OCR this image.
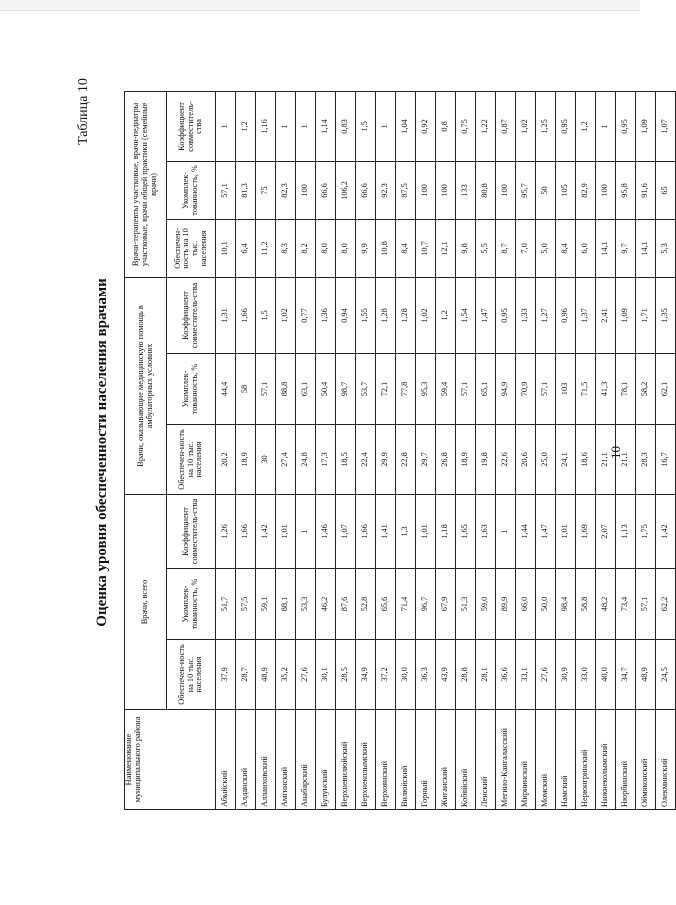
10
Таблица 10
Оценка уровня обеспеченности населения врачами
Наименование муниципального района	Врачи, всего			Врачи, оказывающие медицинскую помощь в амбулаторных условиях			Врачи-терапевты участковые, врачи-педиатры участковые, врачи общей практики (семейные врачи)		
	Обеспечен-ность на 10 тыс. населения	Укомплек-тованность, %	Коэффициент совместитель-ства	Обеспечен-ность на 10 тыс. населения	Укомплек-тованность, %	Коэффициент совместитель-ства	Обеспечен-ность на 10 тыс. населения	Укомплек-тованность, %	Коэффициент совместитель-ства
Абыйский	37,9	51,7	1,26	20,2	44,4	1,31	10,1	57,1	1
Алданский	28,7	57,5	1,66	18,9	58	1,66	6,4	81,3	1,2
Аллаиховский	48,9	59,1	1,42	30	57,1	1,5	11,2	75	1,16
Амгинский	35,2	88,1	1,01	27,4	88,8	1,02	8,3	82,3	1
Анабарский	27,6	53,3	1	24,8	63,1	0,77	8,2	100	1
Булунский	30,1	46,2	1,46	17,3	50,4	1,36	8,0	66,6	1,14
Верхневилюйский	28,5	87,6	1,07	18,5	98,7	0,94	8,0	106,2	0,83
Верхнеколымский	34,9	52,8	1,66	22,4	53,7	1,55	9,9	66,6	1,5
Верхоянский	37,2	65,6	1,41	29,9	72,1	1,28	10,8	92,3	1
Вилюйский	30,0	71,4	1,3	22,8	77,8	1,28	8,4	87,5	1,04
Горный	36,3	96,7	1,01	29,7	95,3	1,02	10,7	100	0,92
Жиганский	43,9	67,9	1,18	26,8	59,4	1,2	12,1	100	0,8
Кобяйский	28,8	51,3	1,65	18,9	57,1	1,54	9,8	133	0,75
Ленский	28,1	59,0	1,63	19,8	65,1	1,47	5,5	80,8	1,22
Мегино-Кангаласский	36,6	89,9	1	22,6	94,9	0,95	8,7	100	0,87
Мирнинский	33,1	66,0	1,44	20,6	70,9	1,33	7,0	95,7	1,02
Момский	27,6	50,0	1,47	25,0	57,1	1,27	5,0	50	1,25
Намский	30,9	98,4	1,01	24,1	103	0,96	8,4	105	0,95
Нерюнгринский	33,0	58,8	1,69	18,6	71,5	1,37	6,0	82,9	1,2
Нижнеколымский	40,0	48,2	2,07	21,1	41,3	2,41	14,1	100	1
Нюрбинский	34,7	73,4	1,13	21,1	78,1	1,09	9,7	95,8	0,95
Оймяконский	48,9	57,1	1,75	28,3	58,2	1,71	14,1	91,6	1,09
Олекминский	24,5	62,2	1,42	16,7	62,1	1,35	5,3	65	1,07
